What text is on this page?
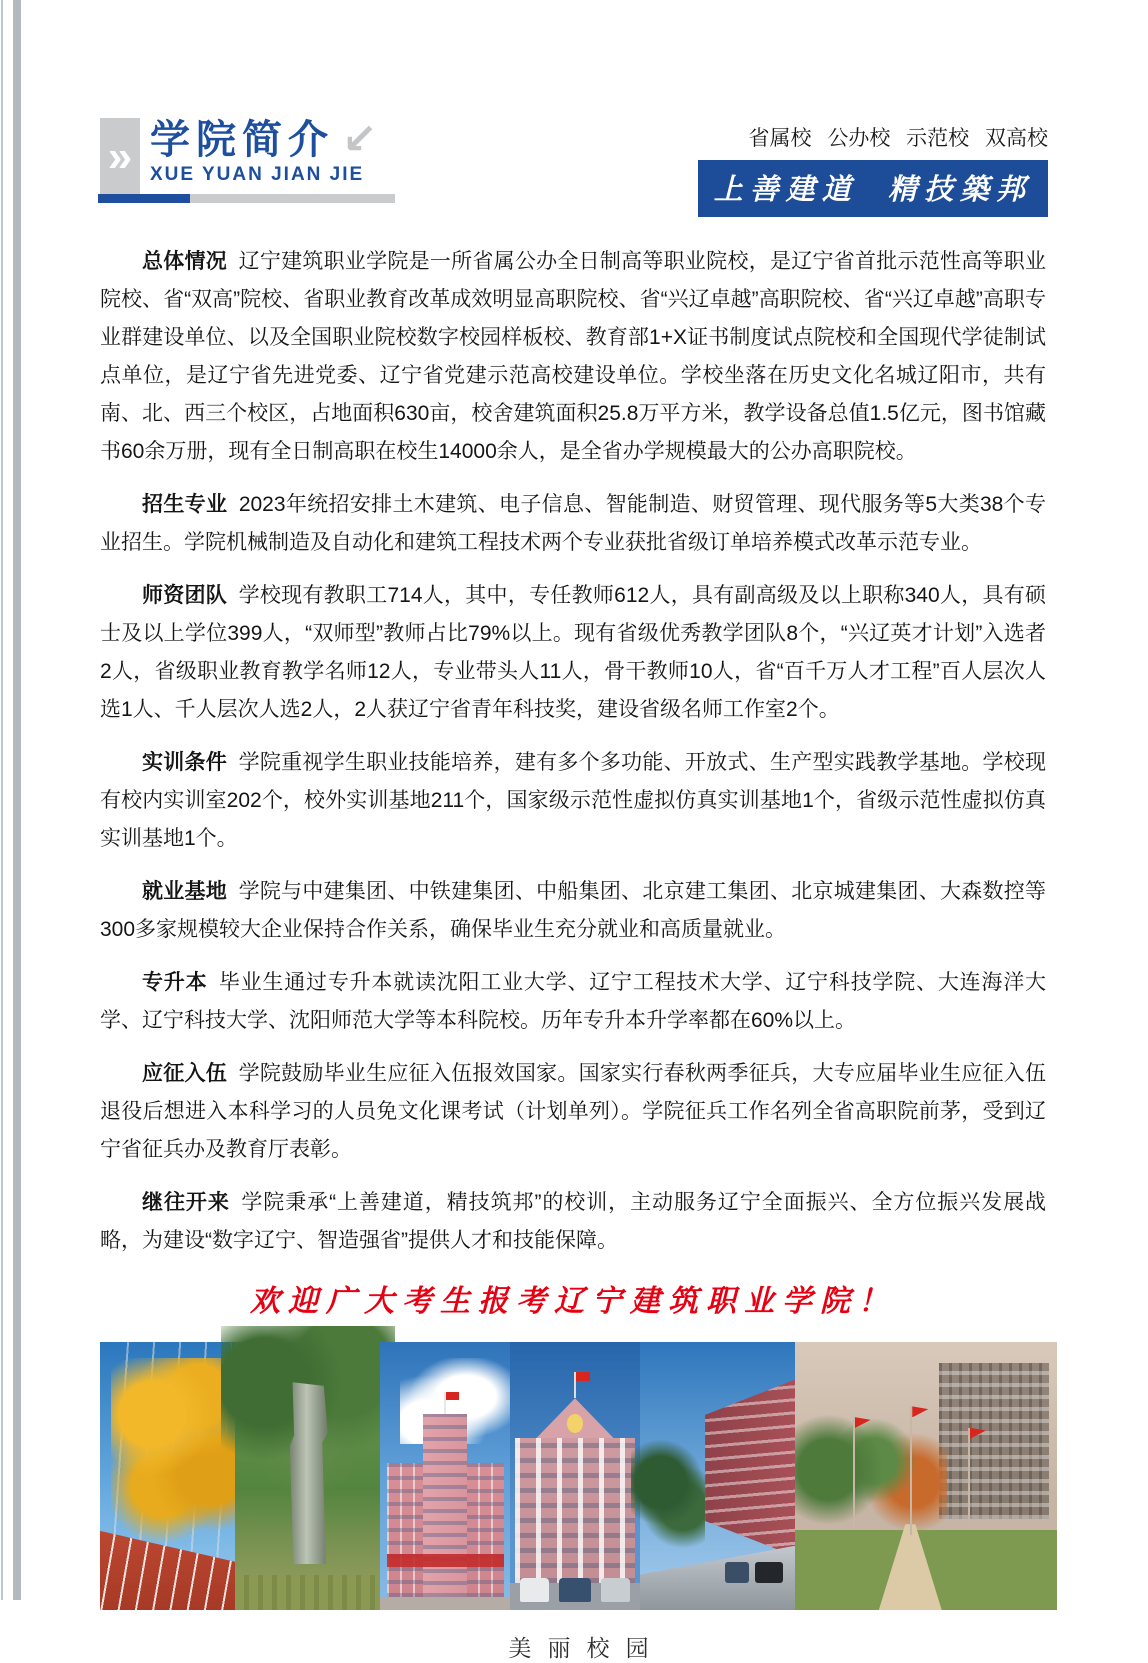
» 学院简介 ↙
XUE YUAN JIAN JIE
省属校 公办校 示范校 双高校
上善建道 精技築邦

总体情况 辽宁建筑职业学院是一所省属公办全日制高等职业院校，是辽宁省首批示范性高等职业院校、省“双高”院校、省职业教育改革成效明显高职院校、省“兴辽卓越”高职院校、省“兴辽卓越”高职专业群建设单位、以及全国职业院校数字校园样板校、教育部1+X证书制度试点院校和全国现代学徒制试点单位，是辽宁省先进党委、辽宁省党建示范高校建设单位。学校坐落在历史文化名城辽阳市，共有南、北、西三个校区，占地面积630亩，校舍建筑面积25.8万平方米，教学设备总值1.5亿元，图书馆藏书60余万册，现有全日制高职在校生14000余人，是全省办学规模最大的公办高职院校。

招生专业 2023年统招安排土木建筑、电子信息、智能制造、财贸管理、现代服务等5大类38个专业招生。学院机械制造及自动化和建筑工程技术两个专业获批省级订单培养模式改革示范专业。

师资团队 学校现有教职工714人，其中，专任教师612人，具有副高级及以上职称340人，具有硕士及以上学位399人，“双师型”教师占比79%以上。现有省级优秀教学团队8个，“兴辽英才计划”入选者2人，省级职业教育教学名师12人，专业带头人11人，骨干教师10人，省“百千万人才工程”百人层次人选1人、千人层次人选2人，2人获辽宁省青年科技奖，建设省级名师工作室2个。

实训条件 学院重视学生职业技能培养，建有多个多功能、开放式、生产型实践教学基地。学校现有校内实训室202个，校外实训基地211个，国家级示范性虚拟仿真实训基地1个，省级示范性虚拟仿真实训基地1个。

就业基地 学院与中建集团、中铁建集团、中船集团、北京建工集团、北京城建集团、大森数控等300多家规模较大企业保持合作关系，确保毕业生充分就业和高质量就业。

专升本 毕业生通过专升本就读沈阳工业大学、辽宁工程技术大学、辽宁科技学院、大连海洋大学、辽宁科技大学、沈阳师范大学等本科院校。历年专升本升学率都在60%以上。

应征入伍 学院鼓励毕业生应征入伍报效国家。国家实行春秋两季征兵，大专应届毕业生应征入伍退役后想进入本科学习的人员免文化课考试（计划单列）。学院征兵工作名列全省高职院前茅，受到辽宁省征兵办及教育厅表彰。

继往开来 学院秉承“上善建道，精技筑邦”的校训，主动服务辽宁全面振兴、全方位振兴发展战略，为建设“数字辽宁、智造强省”提供人才和技能保障。

欢迎广大考生报考辽宁建筑职业学院！
美丽校园
